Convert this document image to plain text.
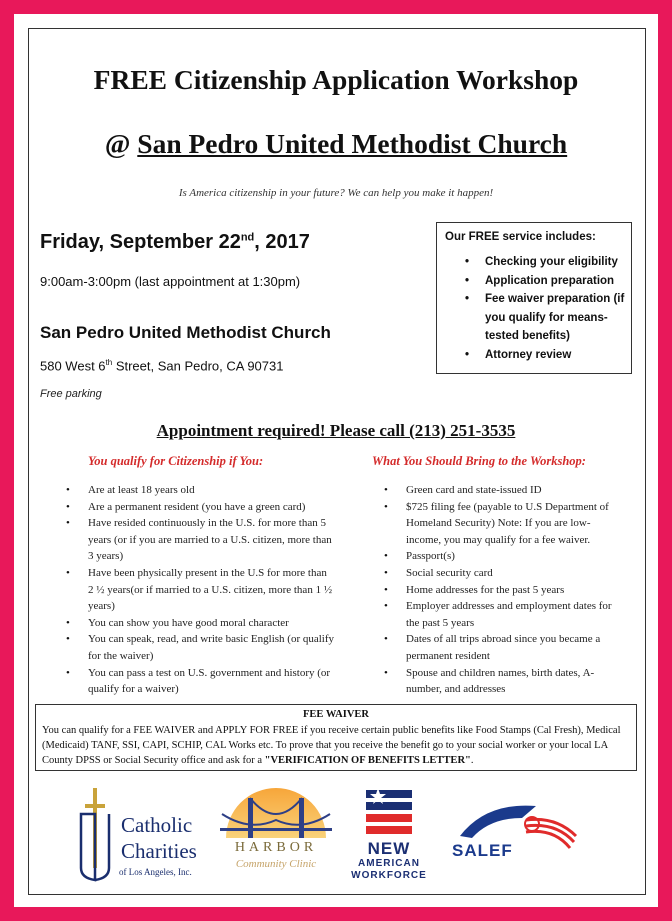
FREE Citizenship Application Workshop
@ San Pedro United Methodist Church
Is America citizenship in your future? We can help you make it happen!
Friday, September 22nd, 2017
9:00am-3:00pm (last appointment at 1:30pm)
San Pedro United Methodist Church
580 West 6th Street, San Pedro, CA 90731
Free parking
Our FREE service includes:
• Checking your eligibility
• Application preparation
• Fee waiver preparation (if you qualify for means-tested benefits)
• Attorney review
Appointment required! Please call (213) 251-3535
You qualify for Citizenship if You:	What You Should Bring to the Workshop:
• Are at least 18 years old
• Are a permanent resident (you have a green card)
• Have resided continuously in the U.S. for more than 5 years (or if you are married to a U.S. citizen, more than 3 years)
• Have been physically present in the U.S for more than 2 ½ years(or if married to a U.S. citizen, more than 1 ½ years)
• You can show you have good moral character
• You can speak, read, and write basic English (or qualify for the waiver)
• You can pass a test on U.S. government and history (or qualify for a waiver)
• Green card and state-issued ID
• $725 filing fee (payable to U.S Department of Homeland Security) Note: If you are low-income, you may qualify for a fee waiver.
• Passport(s)
• Social security card
• Home addresses for the past 5 years
• Employer addresses and employment dates for the past 5 years
• Dates of all trips abroad since you became a permanent resident
• Spouse and children names, birth dates, A-number, and addresses
FEE WAIVER
You can qualify for a FEE WAIVER and APPLY FOR FREE if you receive certain public benefits like Food Stamps (Cal Fresh), Medical (Medicaid) TANF, SSI, CAPI, SCHIP, CAL Works etc. To prove that you receive the benefit go to your social worker or your local LA County DPSS or Social Security office and ask for a "VERIFICATION OF BENEFITS LETTER".
Catholic
Charities
of Los Angeles, Inc.
HARBOR
Community Clinic
NEW
AMERICAN
WORKFORCE
SALEF
